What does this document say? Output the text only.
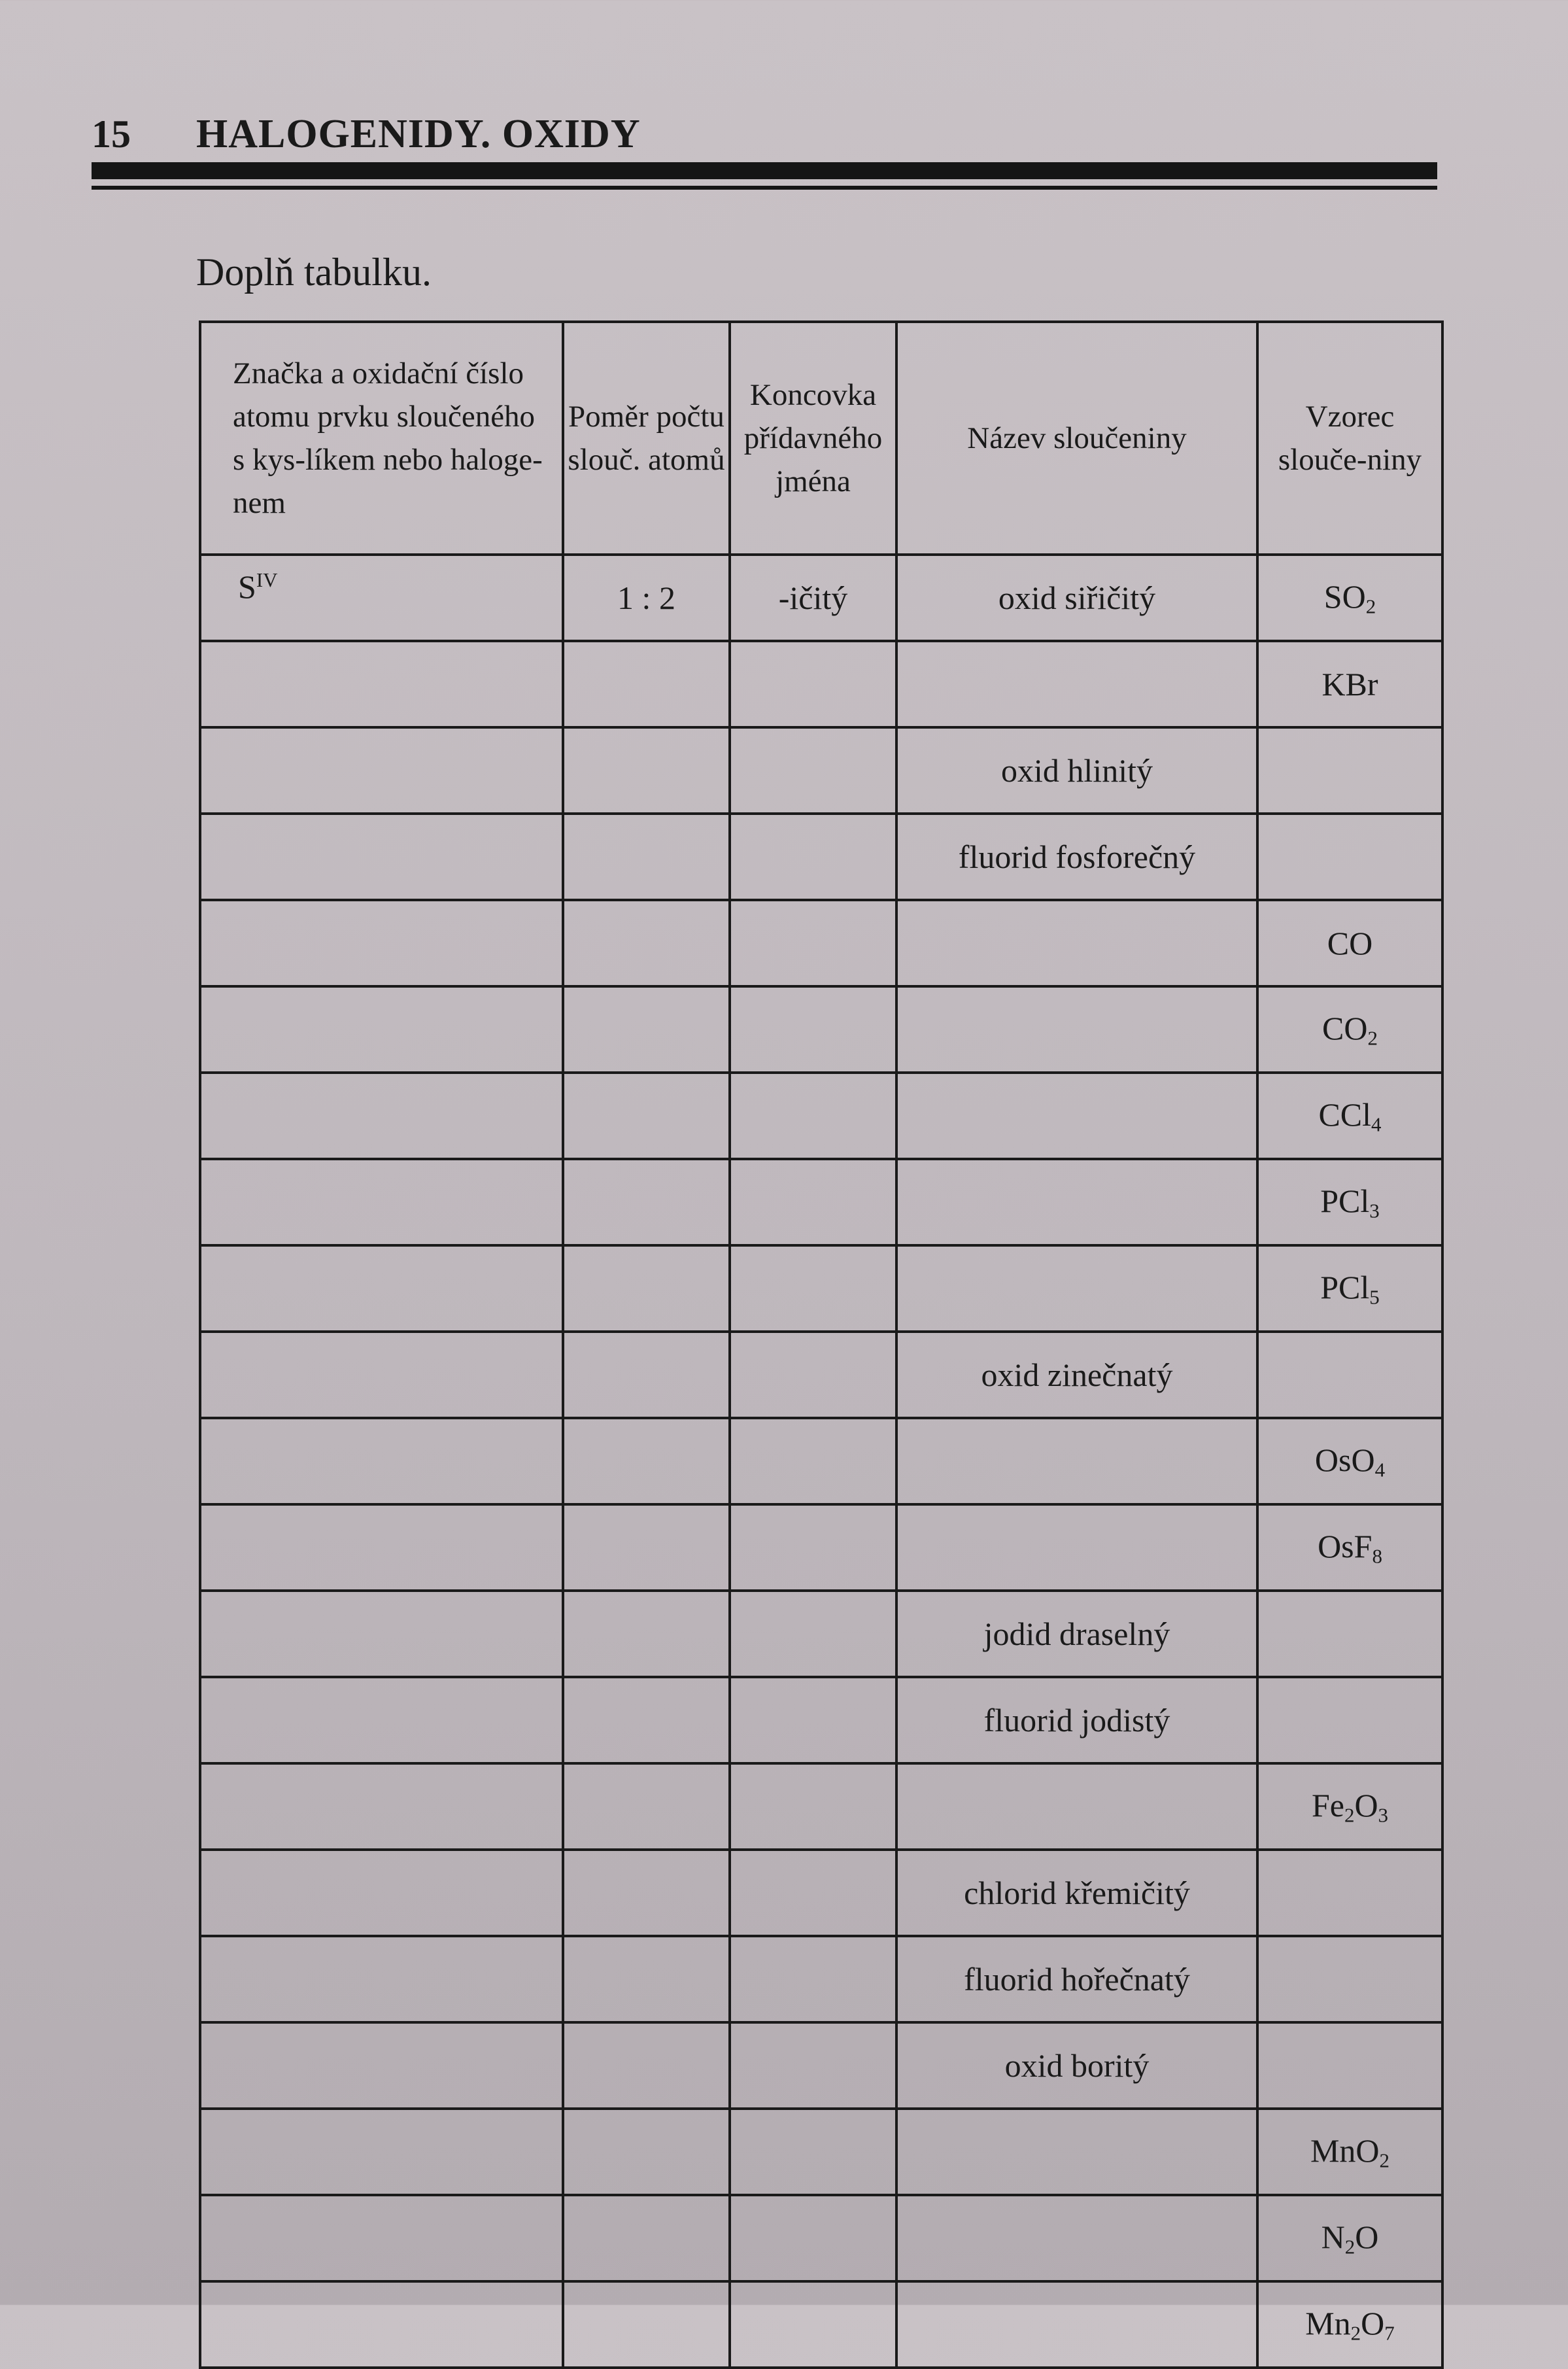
15	HALOGENIDY. OXIDY
Doplň tabulku.
Značka a oxidační číslo atomu prvku sloučeného s kys-líkem nebo haloge-nem	Poměr počtu slouč. atomů	Koncovka přídavného jména	Název sloučeniny	Vzorec slouče-niny
$S^{IV}$	1 : 2	-ičitý	oxid siřičitý	$SO_2$
				KBr
			oxid hlinitý	
			fluorid fosforečný	
				CO
				$CO_2$
				CCl$_4$
				PCl$_3$
				PCl$_5$
			oxid zinečnatý	
				OsO$_4$
				OsF$_8$
			jodid draselný	
			fluorid jodistý	
				$Fe_2O_3$
			chlorid křemičitý	
			fluorid hořečnatý	
			oxid boritý	
				MnO$_2$
				$N_2O$
				$Mn_2O_7$
